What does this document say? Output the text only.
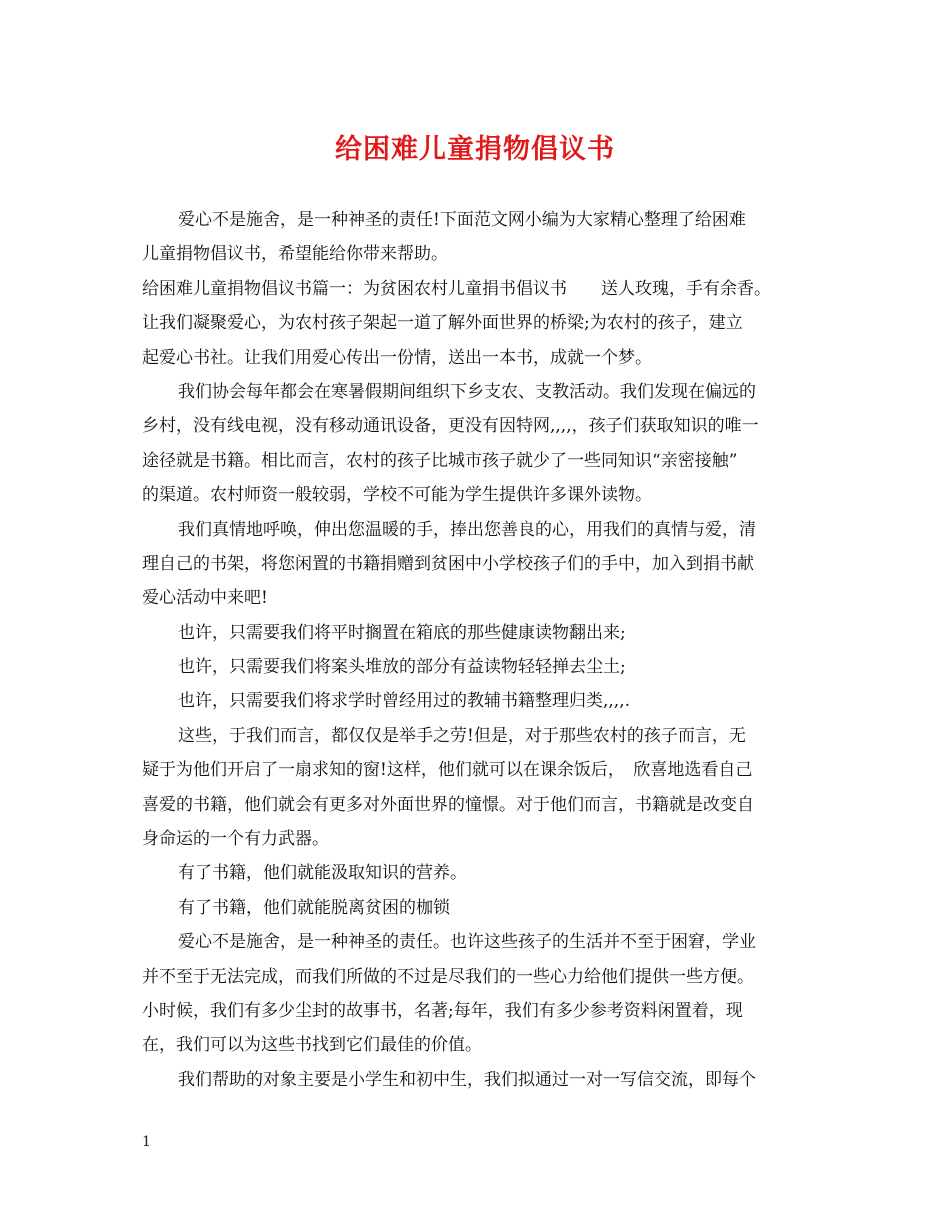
给困难儿童捐物倡议书

爱心不是施舍，是一种神圣的责任!下面范文网小编为大家精心整理了给困难

儿童捐物倡议书，希望能给你带来帮助。

给困难儿童捐物倡议书篇一：为贫困农村儿童捐书倡议书　　送人玫瑰，手有余香。

让我们凝聚爱心，为农村孩子架起一道了解外面世界的桥梁;为农村的孩子，建立

起爱心书社。让我们用爱心传出一份情，送出一本书，成就一个梦。

我们协会每年都会在寒暑假期间组织下乡支农、支教活动。我们发现在偏远的

乡村，没有线电视，没有移动通讯设备，更没有因特网,,,,，孩子们获取知识的唯一

途径就是书籍。相比而言，农村的孩子比城市孩子就少了一些同知识“亲密接触”

的渠道。农村师资一般较弱，学校不可能为学生提供许多课外读物。

我们真情地呼唤，伸出您温暖的手，捧出您善良的心，用我们的真情与爱，清

理自己的书架，将您闲置的书籍捐赠到贫困中小学校孩子们的手中，加入到捐书献

爱心活动中来吧!

也许，只需要我们将平时搁置在箱底的那些健康读物翻出来;

也许，只需要我们将案头堆放的部分有益读物轻轻掸去尘土;

也许，只需要我们将求学时曾经用过的教辅书籍整理归类,,,,.

这些，于我们而言，都仅仅是举手之劳!但是，对于那些农村的孩子而言，无

疑于为他们开启了一扇求知的窗!这样，他们就可以在课余饭后，　欣喜地选看自己

喜爱的书籍，他们就会有更多对外面世界的憧憬。对于他们而言，书籍就是改变自

身命运的一个有力武器。

有了书籍，他们就能汲取知识的营养。

有了书籍，他们就能脱离贫困的枷锁

爱心不是施舍，是一种神圣的责任。也许这些孩子的生活并不至于困窘，学业

并不至于无法完成，而我们所做的不过是尽我们的一些心力给他们提供一些方便。

小时候，我们有多少尘封的故事书，名著;每年，我们有多少参考资料闲置着，现

在，我们可以为这些书找到它们最佳的价值。

我们帮助的对象主要是小学生和初中生，我们拟通过一对一写信交流，即每个

1
